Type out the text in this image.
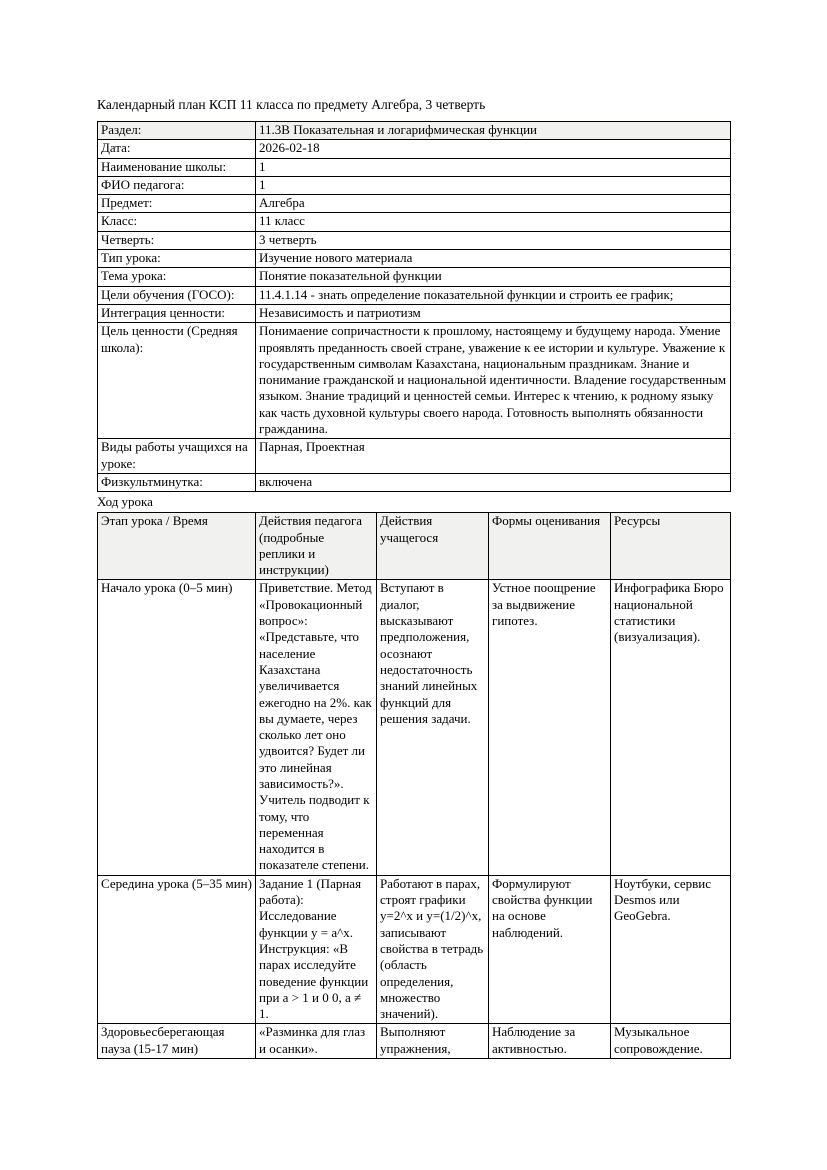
Календарный план КСП 11 класса по предмету Алгебра, 3 четверть

Раздел:	11.3B Показательная и логарифмическая функции
Дата:	2026-02-18
Наименование школы:	1
ФИО педагога:	1
Предмет:	Алгебра
Класс:	11 класс
Четверть:	3 четверть
Тип урока:	Изучение нового материала
Тема урока:	Понятие показательной функции
Цели обучения (ГОСО):	11.4.1.14 - знать определение показательной функции и строить ее график;
Интеграция ценности:	Независимость и патриотизм
Цель ценности (Средняя школа):	Понимаение сопричастности к прошлому, настоящему и будущему народа. Умение проявлять преданность своей стране, уважение к ее истории и культуре. Уважение к государственным символам Казахстана, национальным праздникам. Знание и понимание гражданской и национальной идентичности. Владение государственным языком. Знание традиций и ценностей семьи. Интерес к чтению, к родному языку как часть духовной культуры своего народа. Готовность выполнять обязанности гражданина.
Виды работы учащихся на уроке:	Парная, Проектная
Физкультминутка:	включена

Ход урока

Этап урока / Время	Действия педагога (подробные реплики и инструкции)	Действия учащегося	Формы оценивания	Ресурсы
Начало урока (0–5 мин)	Приветствие. Метод «Провокационный вопрос»: «Представьте, что население Казахстана увеличивается ежегодно на 2%. как вы думаете, через сколько лет оно удвоится? Будет ли это линейная зависимость?». Учитель подводит к тому, что переменная находится в показателе степени.	Вступают в диалог, высказывают предположения, осознают недостаточность знаний линейных функций для решения задачи.	Устное поощрение за выдвижение гипотез.	Инфографика Бюро национальной статистики (визуализация).
Середина урока (5–35 мин)	Задание 1 (Парная работа): Исследование функции y = a^x. Инструкция: «В парах исследуйте поведение функции при a > 1 и 0 0, a ≠ 1.	Работают в парах, строят графики y=2^x и y=(1/2)^x, записывают свойства в тетрадь (область определения, множество значений).	Формулируют свойства функции на основе наблюдений.	Ноутбуки, сервис Desmos или GeoGebra.
Здоровьесберегающая пауза (15-17 мин)	«Разминка для глаз и осанки».	Выполняют упражнения,	Наблюдение за активностью.	Музыкальное сопровождение.
